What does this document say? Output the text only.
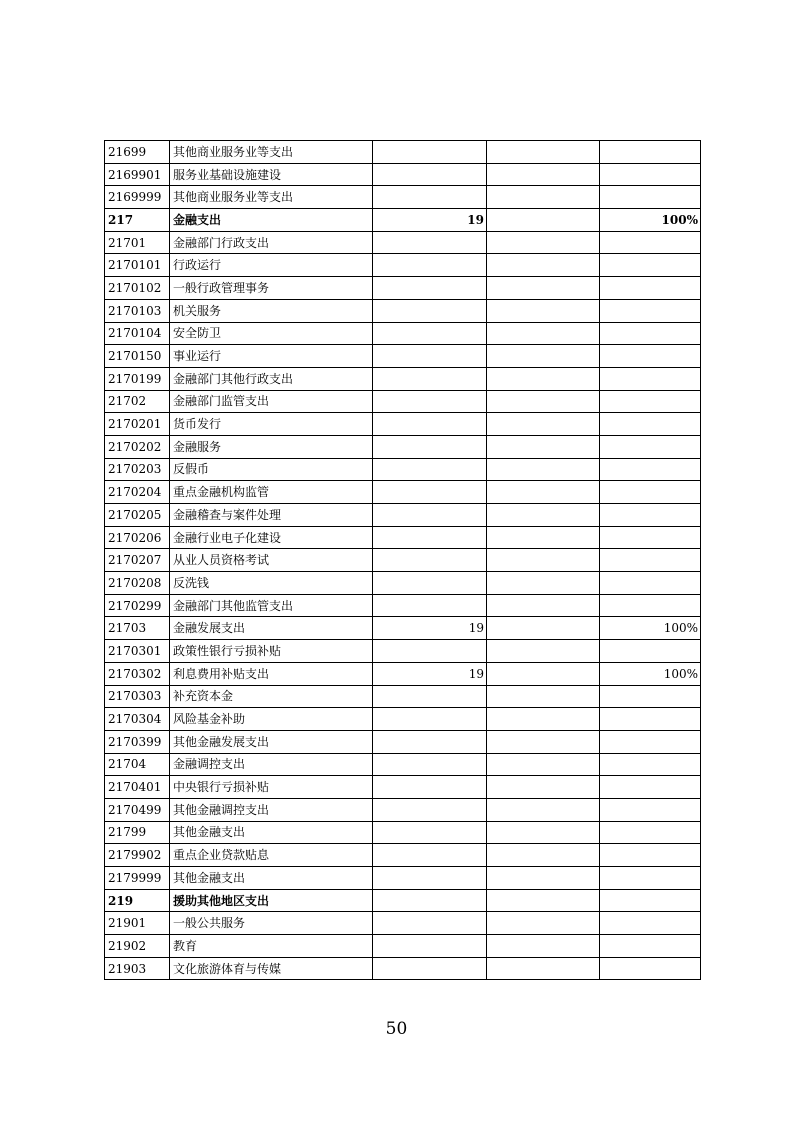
21699	其他商业服务业等支出			
2169901	服务业基础设施建设			
2169999	其他商业服务业等支出			
217	金融支出	19		100%
21701	金融部门行政支出			
2170101	行政运行			
2170102	一般行政管理事务			
2170103	机关服务			
2170104	安全防卫			
2170150	事业运行			
2170199	金融部门其他行政支出			
21702	金融部门监管支出			
2170201	货币发行			
2170202	金融服务			
2170203	反假币			
2170204	重点金融机构监管			
2170205	金融稽查与案件处理			
2170206	金融行业电子化建设			
2170207	从业人员资格考试			
2170208	反洗钱			
2170299	金融部门其他监管支出			
21703	金融发展支出	19		100%
2170301	政策性银行亏损补贴			
2170302	利息费用补贴支出	19		100%
2170303	补充资本金			
2170304	风险基金补助			
2170399	其他金融发展支出			
21704	金融调控支出			
2170401	中央银行亏损补贴			
2170499	其他金融调控支出			
21799	其他金融支出			
2179902	重点企业贷款贴息			
2179999	其他金融支出			
219	援助其他地区支出			
21901	一般公共服务			
21902	教育			
21903	文化旅游体育与传媒			
50
